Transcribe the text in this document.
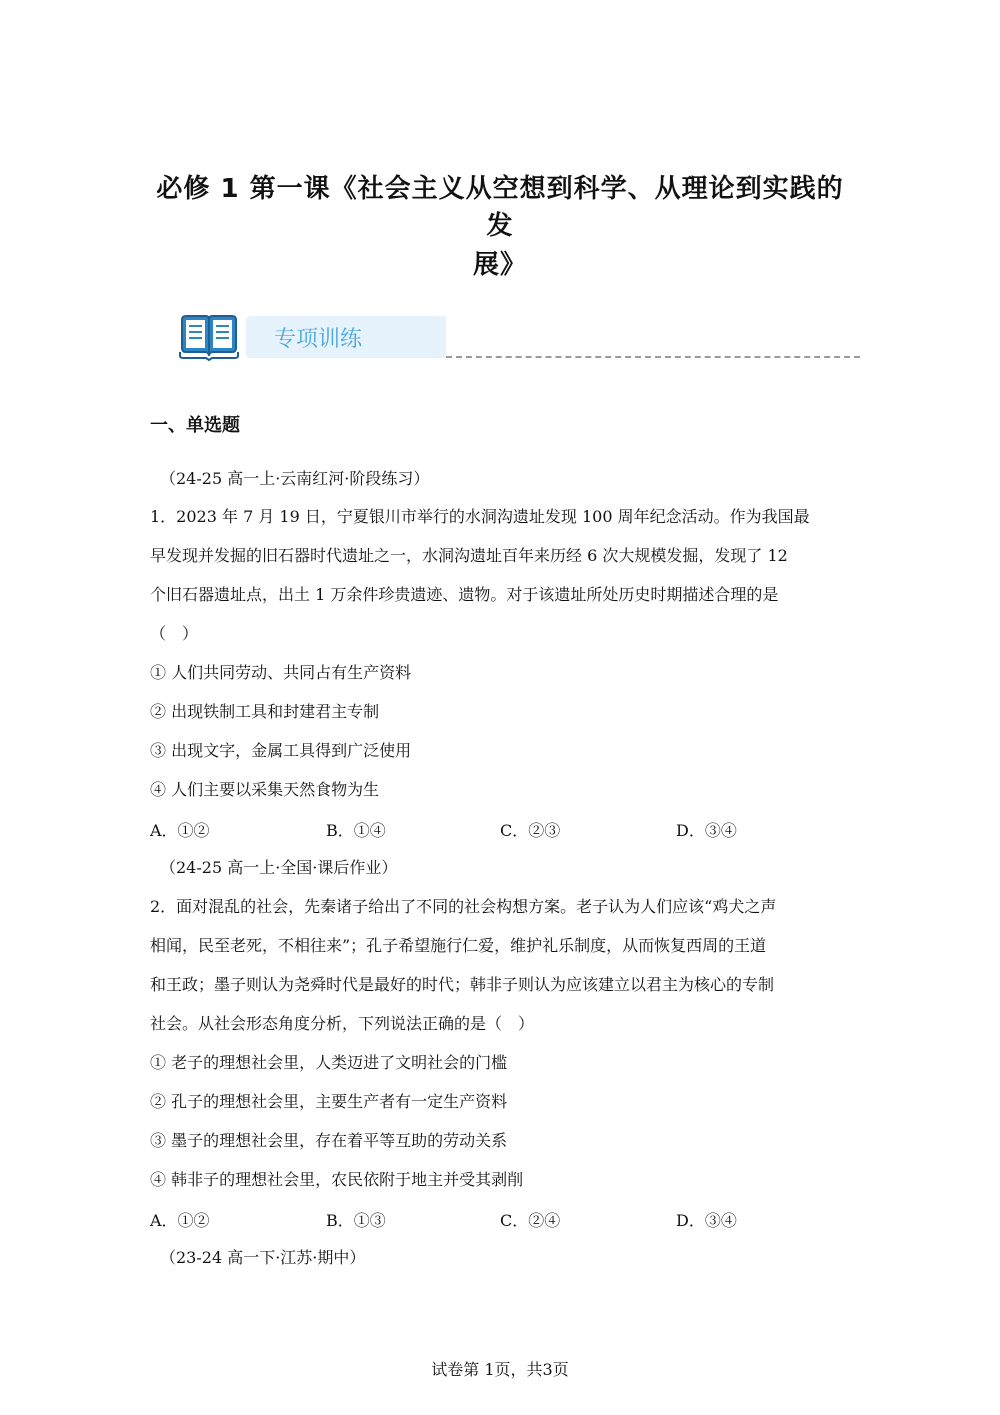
必修 1 第一课《社会主义从空想到科学、从理论到实践的发
展》
专项训练
一、单选题
（24-25 高一上·云南红河·阶段练习）
1．2023 年 7 月 19 日，宁夏银川市举行的水洞沟遗址发现 100 周年纪念活动。作为我国最
早发现并发掘的旧石器时代遗址之一，水洞沟遗址百年来历经 6 次大规模发掘，发现了 12
个旧石器遗址点，出土 1 万余件珍贵遗迹、遗物。对于该遗址所处历史时期描述合理的是
（　）
① 人们共同劳动、共同占有生产资料
② 出现铁制工具和封建君主专制
③ 出现文字，金属工具得到广泛使用
④ 人们主要以采集天然食物为生
A．①②	B．①④	C．②③	D．③④
（24-25 高一上·全国·课后作业）
2．面对混乱的社会，先秦诸子给出了不同的社会构想方案。老子认为人们应该“鸡犬之声
相闻，民至老死，不相往来”；孔子希望施行仁爱，维护礼乐制度，从而恢复西周的王道
和王政；墨子则认为尧舜时代是最好的时代；韩非子则认为应该建立以君主为核心的专制
社会。从社会形态角度分析，下列说法正确的是（　）
① 老子的理想社会里，人类迈进了文明社会的门槛
② 孔子的理想社会里，主要生产者有一定生产资料
③ 墨子的理想社会里，存在着平等互助的劳动关系
④ 韩非子的理想社会里，农民依附于地主并受其剥削
A．①②	B．①③	C．②④	D．③④
（23-24 高一下·江苏·期中）
试卷第 1页，共3页
